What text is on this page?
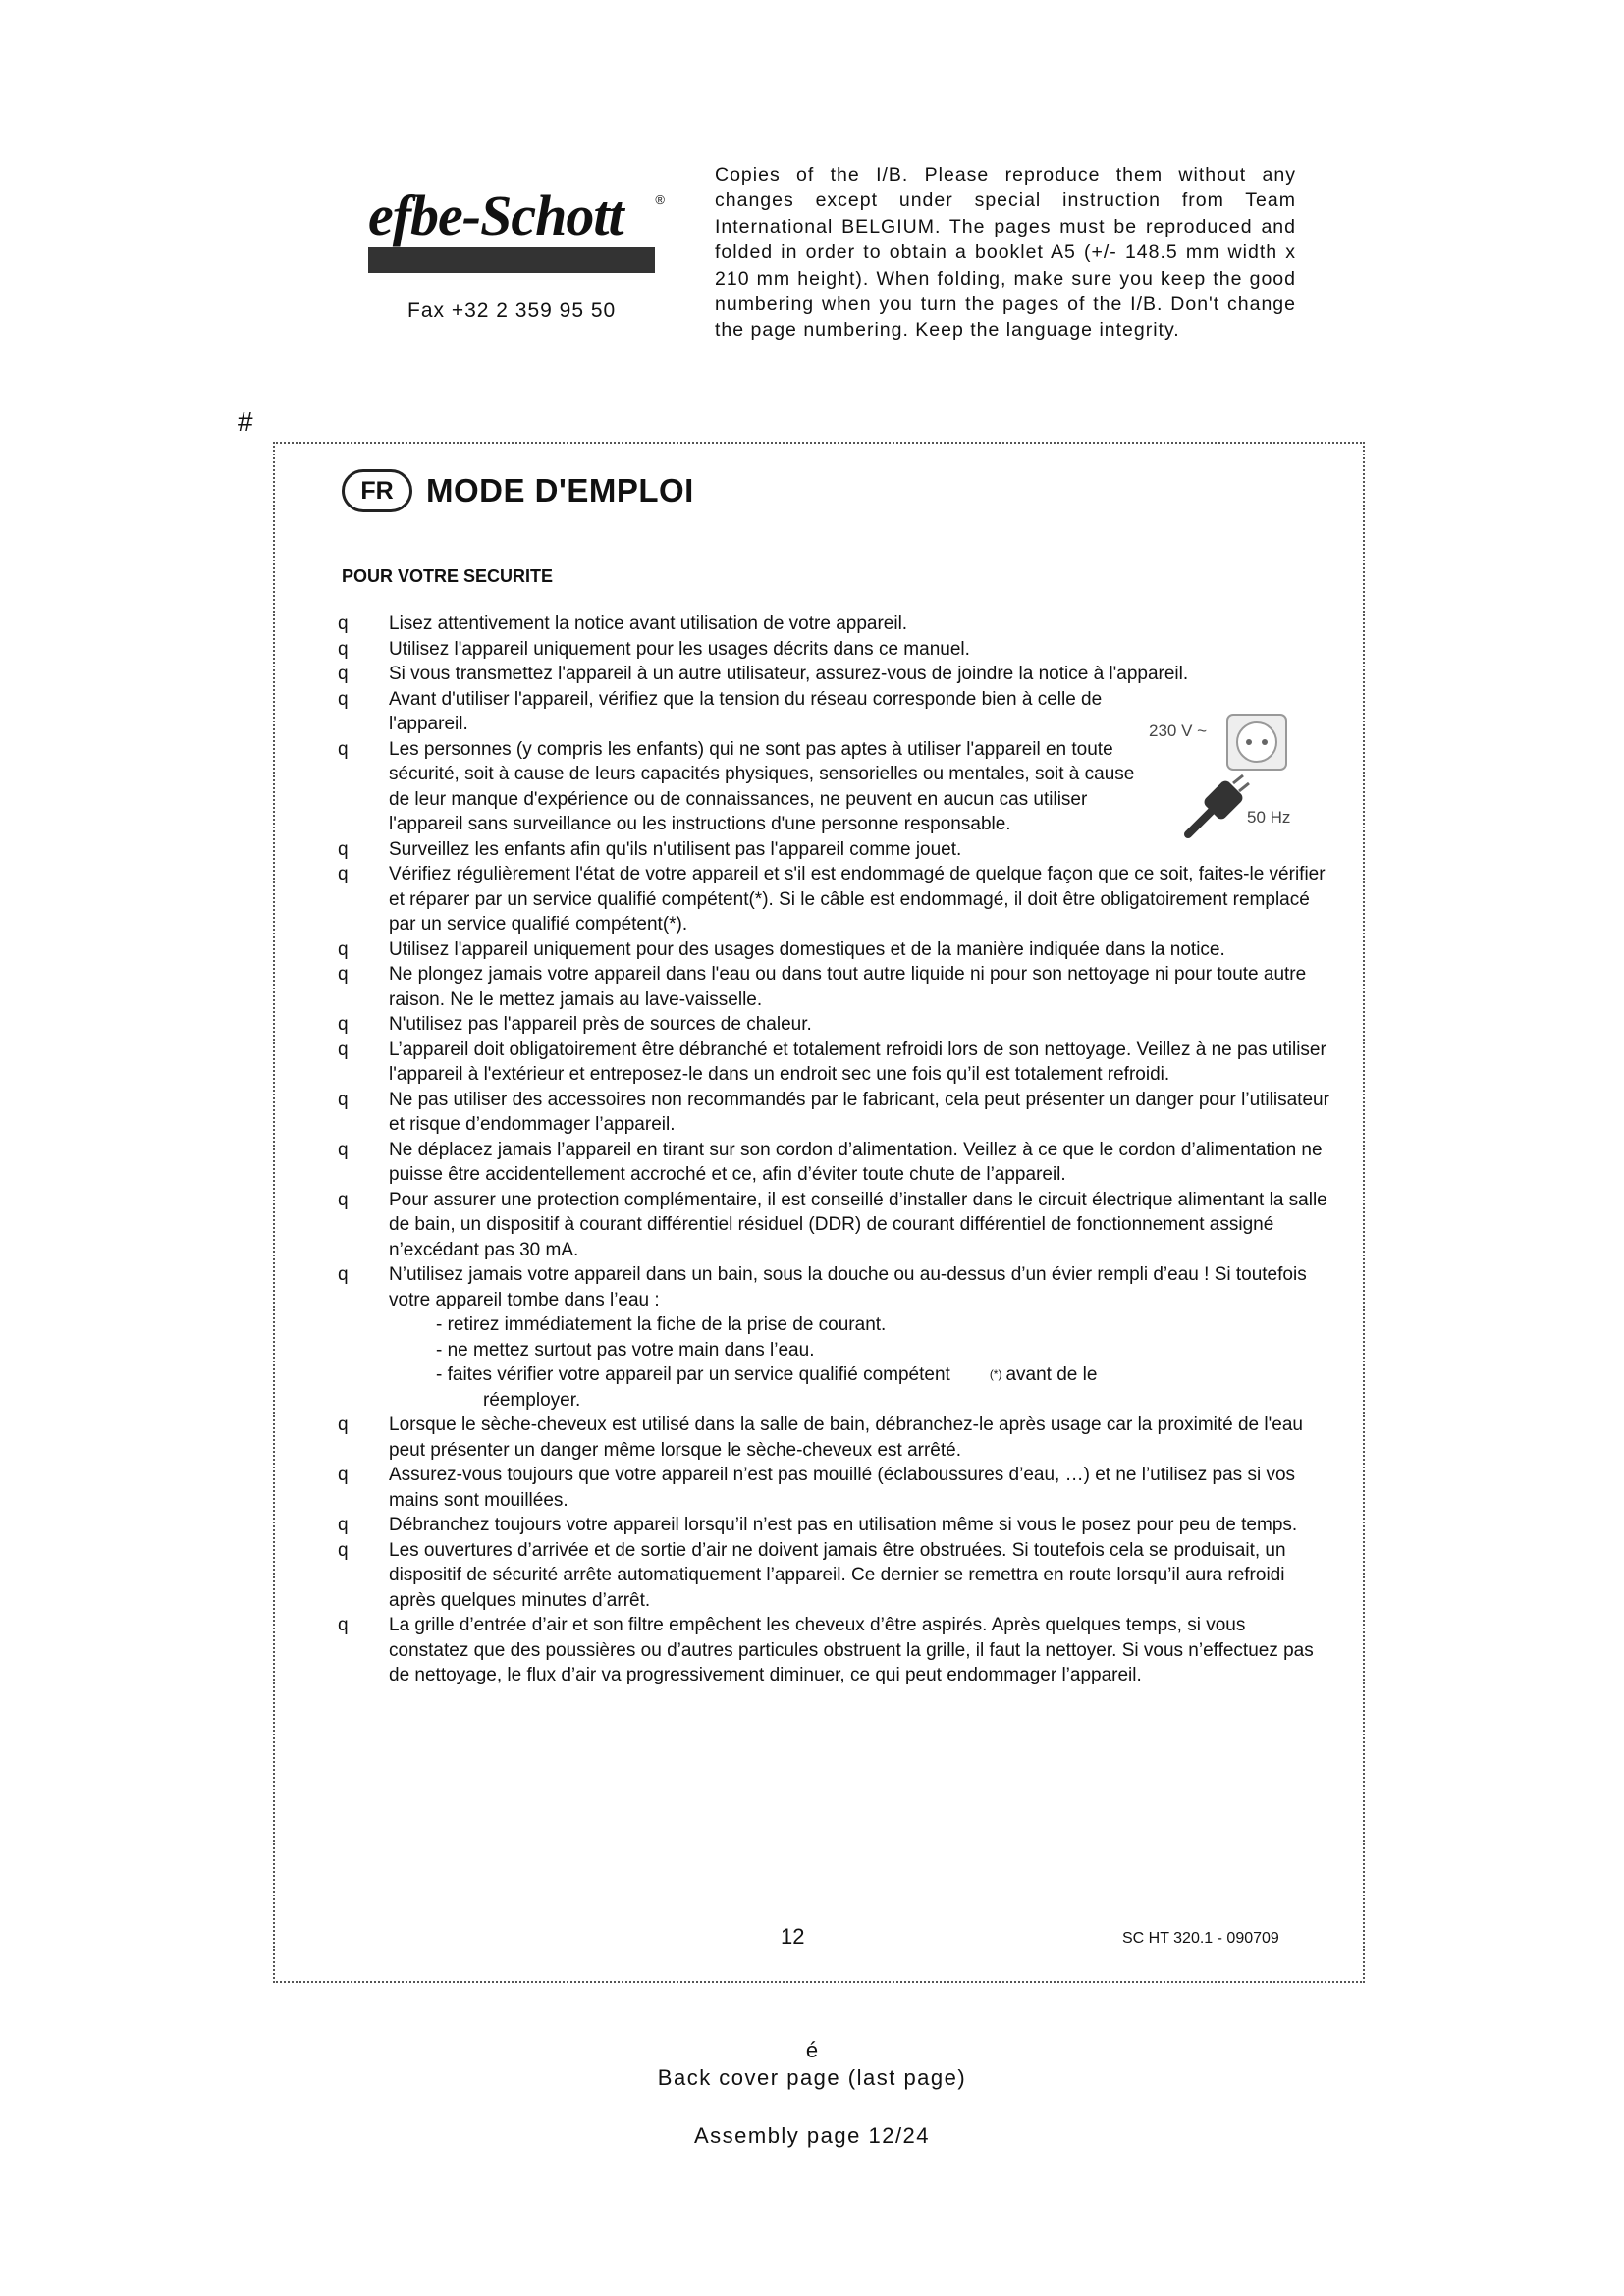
efbe-Schott	®
Fax +32 2 359 95 50
Copies of the I/B. Please reproduce them without any changes except under special instruction from Team International BELGIUM. The pages must be reproduced and folded in order to obtain a booklet A5 (+/- 148.5 mm width x 210 mm height). When folding, make sure you keep the good numbering when you turn the pages of the I/B. Don't change the page numbering. Keep the language integrity.
#
FR	MODE D'EMPLOI
POUR VOTRE SECURITE
230 V ~
50 Hz
q Lisez attentivement la notice avant utilisation de votre appareil.
q Utilisez l'appareil uniquement pour les usages décrits dans ce manuel.
q Si vous transmettez l'appareil à un autre utilisateur, assurez-vous de joindre la notice à l'appareil.
q Avant d'utiliser l'appareil, vérifiez que la tension du réseau corresponde bien à celle de l'appareil.
q Les personnes (y compris les enfants) qui ne sont pas aptes à utiliser l'appareil en toute sécurité, soit à cause de leurs capacités physiques, sensorielles ou mentales, soit à cause de leur manque d'expérience ou de connaissances, ne peuvent en aucun cas utiliser l'appareil sans surveillance ou les instructions d'une personne responsable.
q Surveillez les enfants afin qu'ils n'utilisent pas l'appareil comme jouet.
q Vérifiez régulièrement l'état de votre appareil et s'il est endommagé de quelque façon que ce soit, faites-le vérifier et réparer par un service qualifié compétent(*). Si le câble est endommagé, il doit être obligatoirement remplacé par un service qualifié compétent(*).
q Utilisez l'appareil uniquement pour des usages domestiques et de la manière indiquée dans la notice.
q Ne plongez jamais votre appareil dans l'eau ou dans tout autre liquide ni pour son nettoyage ni pour toute autre raison. Ne le mettez jamais au lave-vaisselle.
q N'utilisez pas l'appareil près de sources de chaleur.
q L’appareil doit obligatoirement être débranché et totalement refroidi lors de son nettoyage. Veillez à ne pas utiliser l'appareil à l'extérieur et entreposez-le dans un endroit sec une fois qu’il est totalement refroidi.
q Ne pas utiliser des accessoires non recommandés par le fabricant, cela peut présenter un danger pour l’utilisateur et risque d’endommager l’appareil.
q Ne déplacez jamais l’appareil en tirant sur son cordon d’alimentation. Veillez à ce que le cordon d’alimentation ne puisse être accidentellement accroché et ce, afin d’éviter toute chute de l’appareil.
q Pour assurer une protection complémentaire, il est conseillé d’installer dans le circuit électrique alimentant la salle de bain, un dispositif à courant différentiel résiduel (DDR) de courant différentiel de fonctionnement assigné n’excédant pas 30 mA.
q N’utilisez jamais votre appareil dans un bain, sous la douche ou au-dessus d’un évier rempli d’eau ! Si toutefois votre appareil tombe dans l’eau :
- retirez immédiatement la fiche de la prise de courant.
- ne mettez surtout pas votre main dans l’eau.
- faites vérifier votre appareil par un service qualifié compétent	(*) avant de le
réemployer.
q Lorsque le sèche-cheveux est utilisé dans la salle de bain, débranchez-le après usage car la proximité de l'eau peut présenter un danger même lorsque le sèche-cheveux est arrêté.
q Assurez-vous toujours que votre appareil n’est pas mouillé (éclaboussures d’eau, …) et ne l’utilisez pas si vos mains sont mouillées.
q Débranchez toujours votre appareil lorsqu’il n’est pas en utilisation même si vous le posez pour peu de temps.
q Les ouvertures d’arrivée et de sortie d’air ne doivent jamais être obstruées. Si toutefois cela se produisait, un dispositif de sécurité arrête automatiquement l’appareil. Ce dernier se remettra en route lorsqu’il aura refroidi après quelques minutes d’arrêt.
q La grille d’entrée d’air et son filtre empêchent les cheveux d’être aspirés. Après quelques temps, si vous constatez que des poussières ou d’autres particules obstruent la grille, il faut la nettoyer. Si vous n’effectuez pas de nettoyage, le flux d’air va progressivement diminuer, ce qui peut endommager l’appareil.
12	SC HT 320.1 - 090709
é
Back cover page (last page)
Assembly page 12/24
